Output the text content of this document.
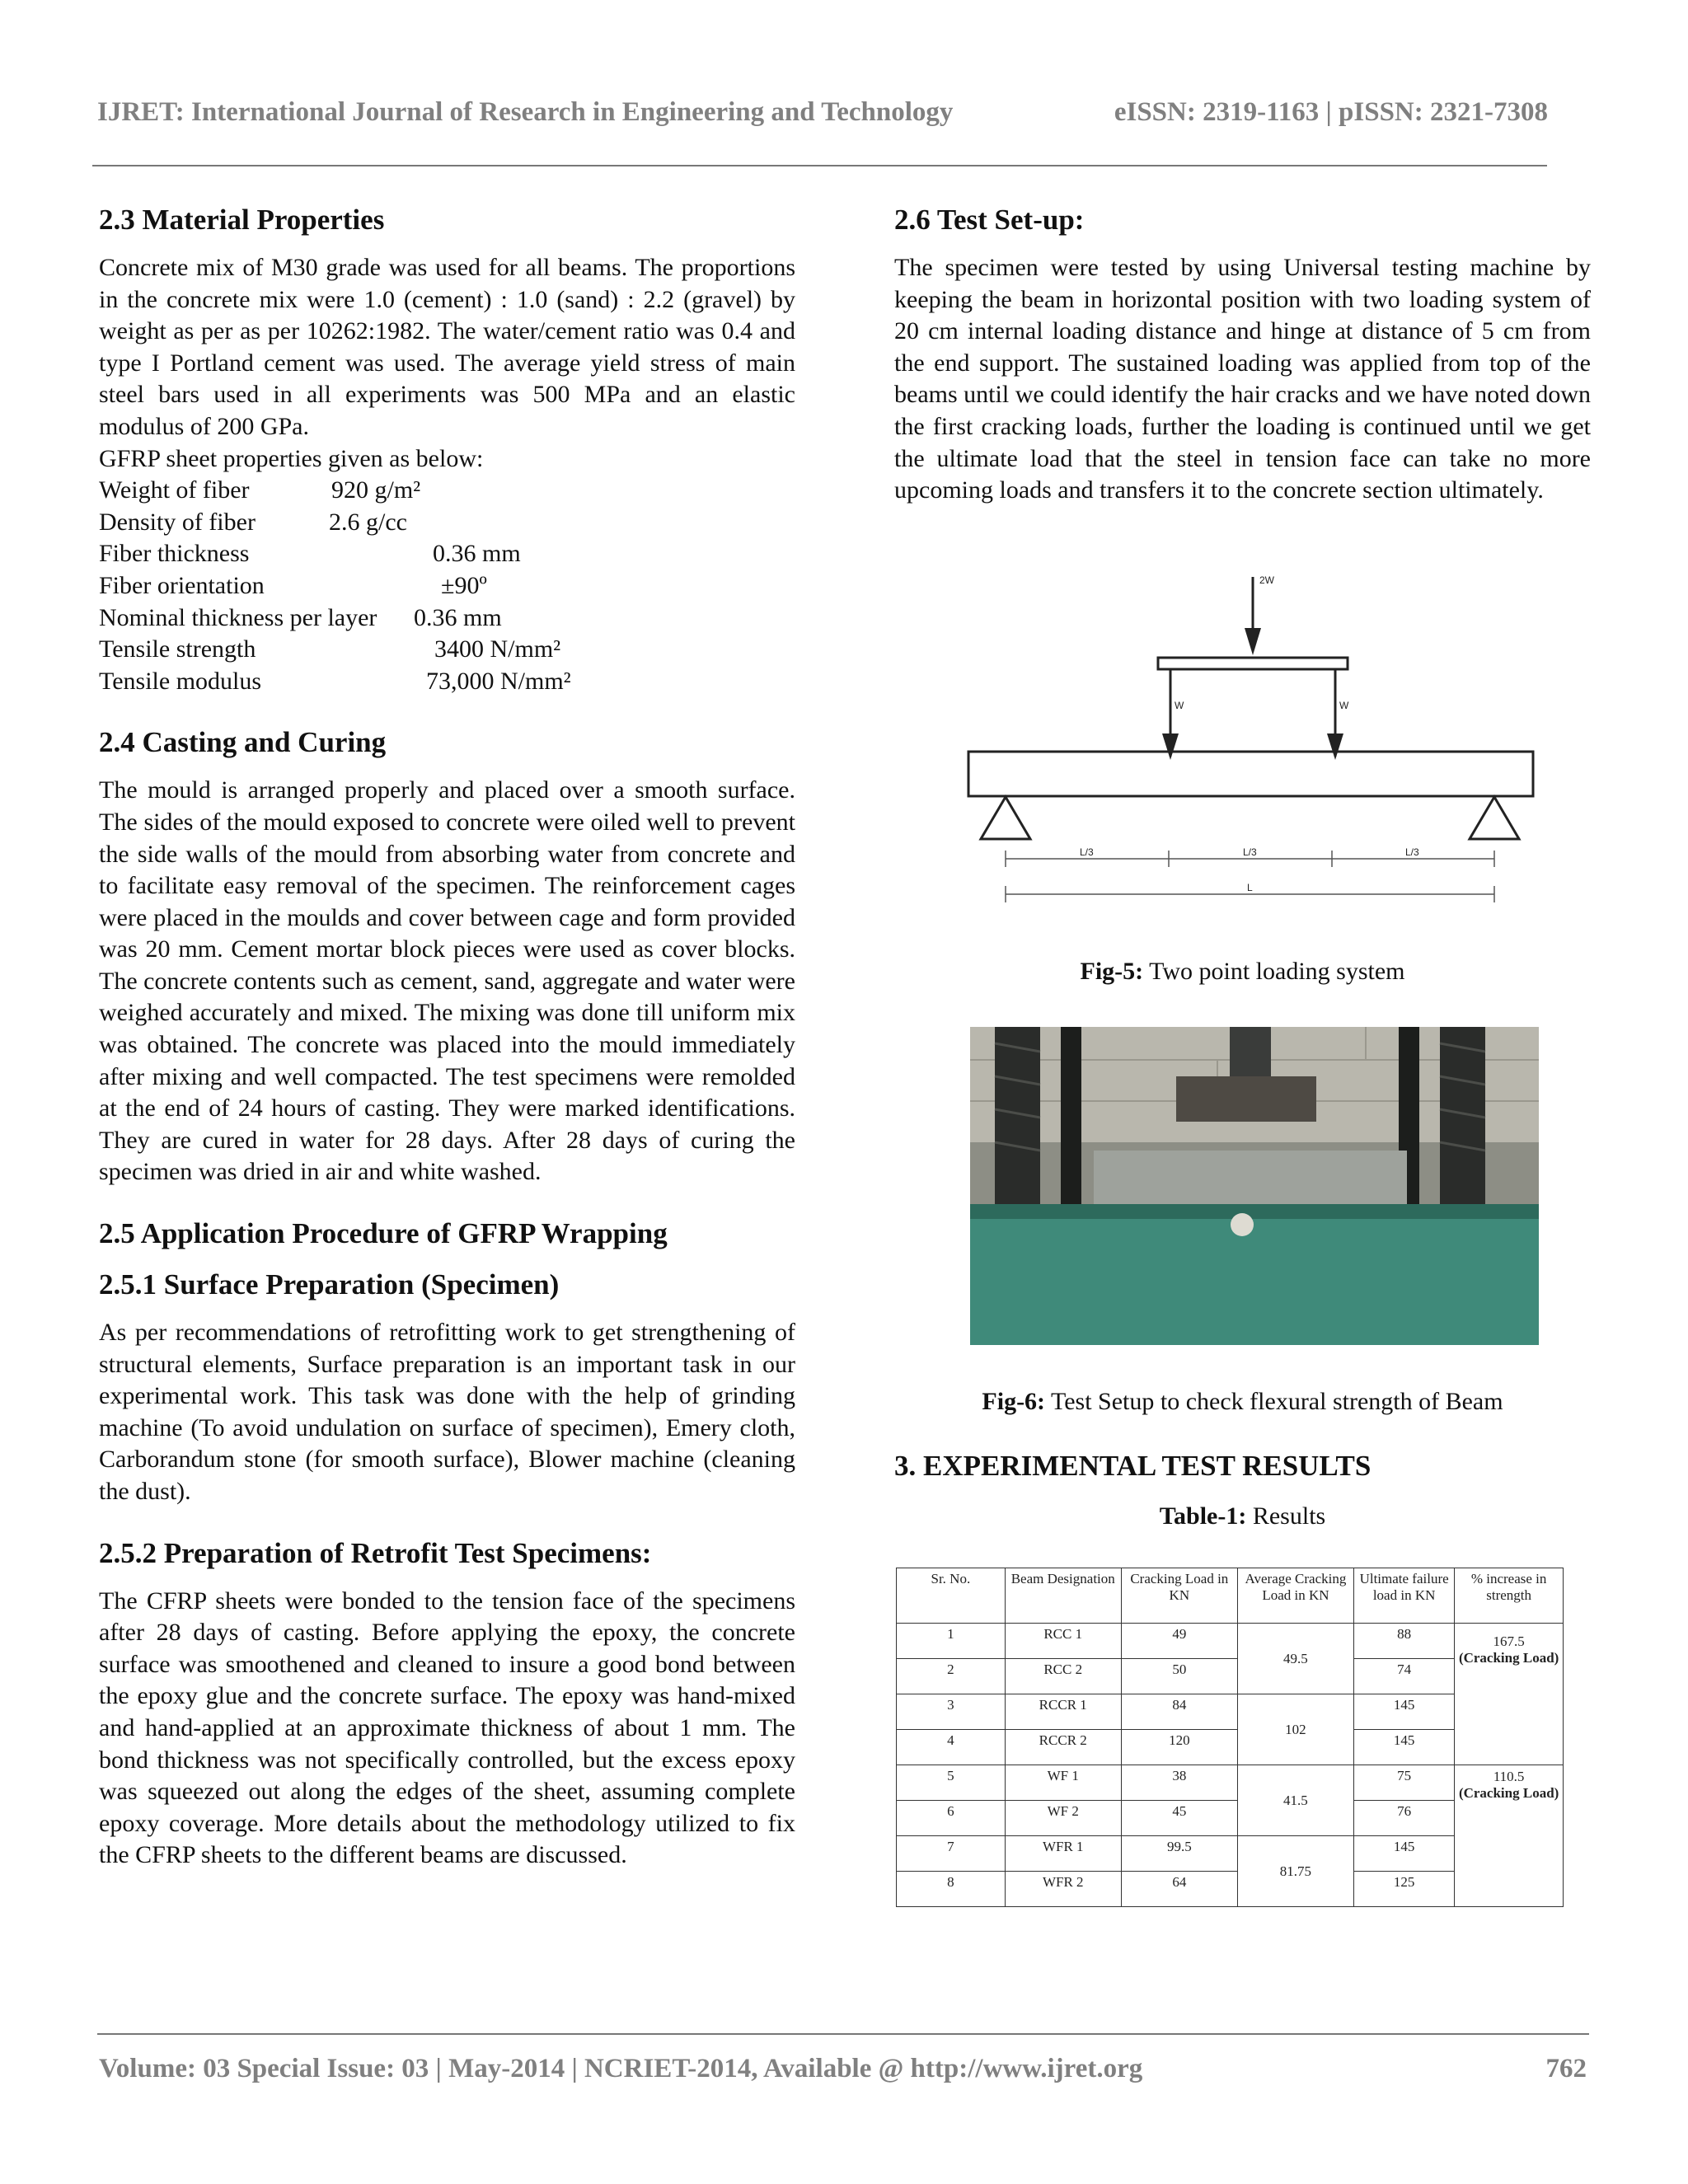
IJRET: International Journal of Research in Engineering and Technology	eISSN: 2319-1163 | pISSN: 2321-7308
2.3 Material Properties

Concrete mix of M30 grade was used for all beams. The proportions in the concrete mix were 1.0 (cement) : 1.0 (sand) : 2.2 (gravel) by weight as per as per 10262:1982. The water/cement ratio was 0.4 and type I Portland cement was used. The average yield stress of main steel bars used in all experiments was 500 MPa and an elastic modulus of 200 GPa.

GFRP sheet properties given as below:
Weight of fiber	920 g/m²
Density of fiber	2.6 g/cc
Fiber thickness	0.36 mm
Fiber orientation	±90º
Nominal thickness per layer 0.36 mm
Tensile strength	3400 N/mm²
Tensile modulus	73,000 N/mm²
2.4 Casting and Curing

The mould is arranged properly and placed over a smooth surface. The sides of the mould exposed to concrete were oiled well to prevent the side walls of the mould from absorbing water from concrete and to facilitate easy removal of the specimen. The reinforcement cages were placed in the moulds and cover between cage and form provided was 20 mm. Cement mortar block pieces were used as cover blocks. The concrete contents such as cement, sand, aggregate and water were weighed accurately and mixed. The mixing was done till uniform mix was obtained. The concrete was placed into the mould immediately after mixing and well compacted. The test specimens were remolded at the end of 24 hours of casting. They were marked identifications. They are cured in water for 28 days. After 28 days of curing the specimen was dried in air and white washed.

2.5 Application Procedure of GFRP Wrapping
2.5.1 Surface Preparation (Specimen)

As per recommendations of retrofitting work to get strengthening of structural elements, Surface preparation is an important task in our experimental work. This task was done with the help of grinding machine (To avoid undulation on surface of specimen), Emery cloth, Carborandum stone (for smooth surface), Blower machine (cleaning the dust).

2.5.2 Preparation of Retrofit Test Specimens:

The CFRP sheets were bonded to the tension face of the specimens after 28 days of casting. Before applying the epoxy, the concrete surface was smoothened and cleaned to insure a good bond between the epoxy glue and the concrete surface. The epoxy was hand-mixed and hand-applied at an approximate thickness of about 1 mm. The bond thickness was not specifically controlled, but the excess epoxy was squeezed out along the edges of the sheet, assuming complete epoxy coverage. More details about the methodology utilized to fix the CFRP sheets to the different beams are discussed.

2.6 Test Set-up:

The specimen were tested by using Universal testing machine by keeping the beam in horizontal position with two loading system of 20 cm internal loading distance and hinge at distance of 5 cm from the end support. The sustained loading was applied from top of the beams until we could identify the hair cracks and we have noted down the first cracking loads, further the loading is continued until we get the ultimate load that the steel in tension face can take no more upcoming loads and transfers it to the concrete section ultimately.

2W
W	W
L/3	L/3	L/3
L
Fig-5: Two point loading system
Fig-6: Test Setup to check flexural strength of Beam
3. EXPERIMENTAL TEST RESULTS
Table-1: Results
Sr. No.	Beam Designation	Cracking Load in KN	Average Cracking Load in KN	Ultimate failure load in KN	% increase in strength
1	RCC 1	49	49.5	88	167.5
(Cracking Load)

2	RCC 2	50		74	
3	RCCR 1	84	102	145	
4	RCCR 2	120		145	
5	WF 1	38	41.5	75	110.5
(Cracking Load)

6	WF 2	45		76	
7	WFR 1	99.5	81.75	145	
8	WFR 2	64		125	
Volume: 03 Special Issue: 03 | May-2014 | NCRIET-2014, Available @ http://www.ijret.org	762
